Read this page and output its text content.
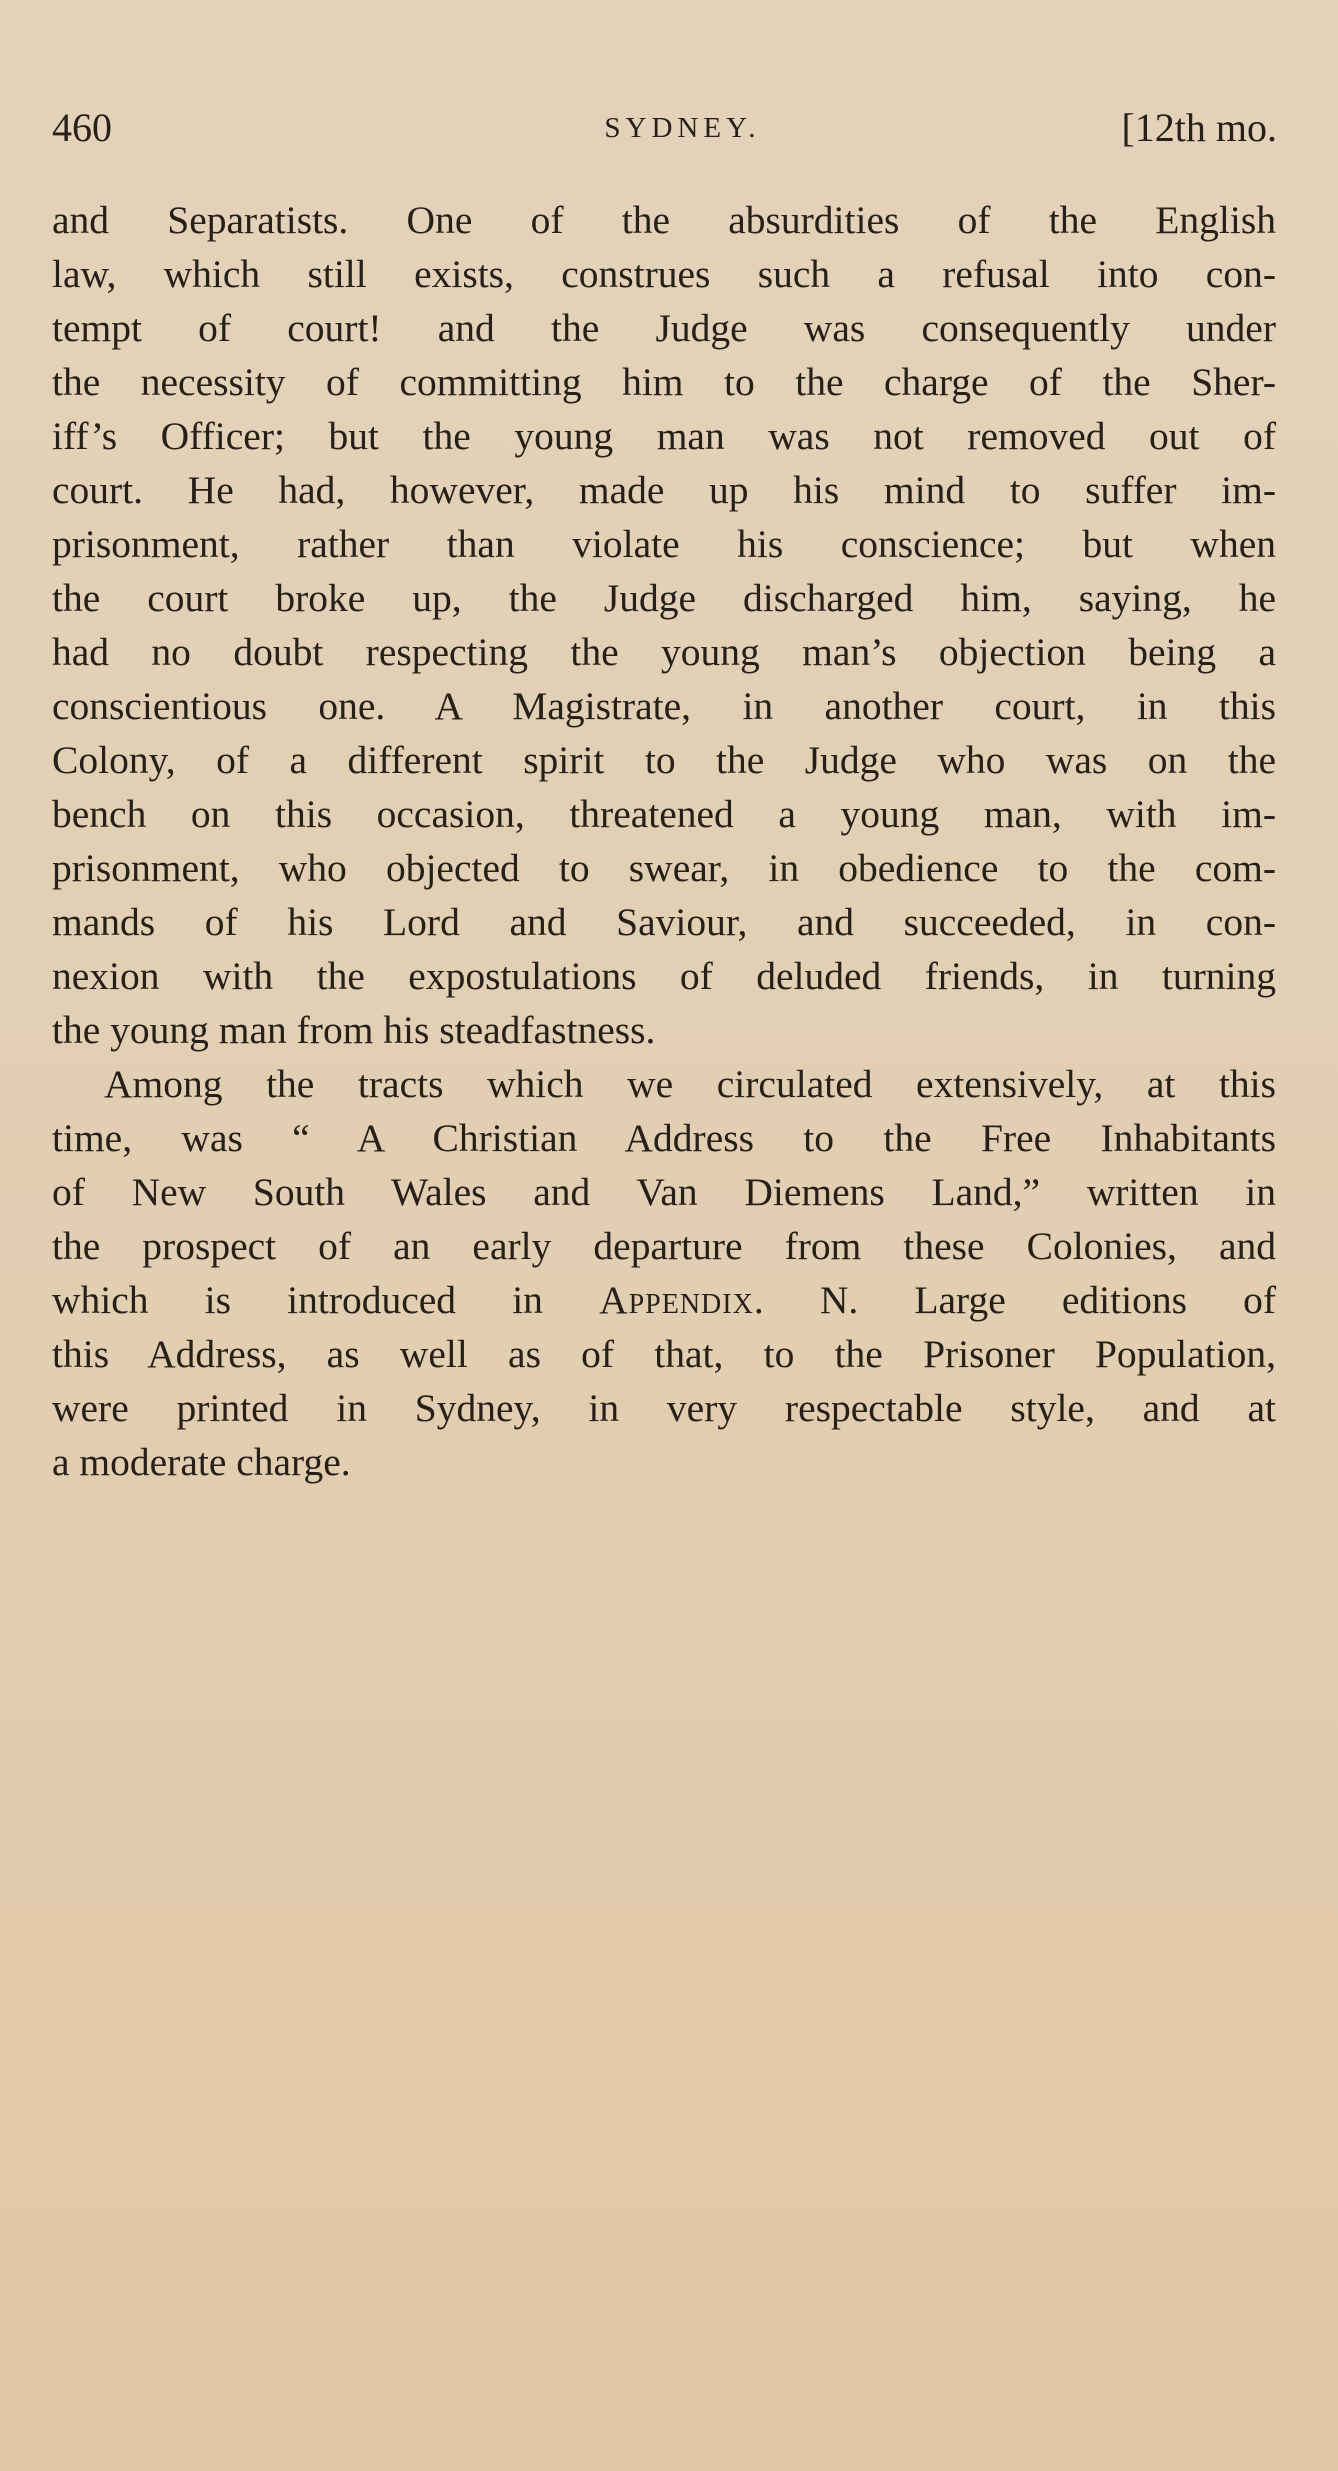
460	SYDNEY.	[12th mo.
and Separatists. One of the absurdities of the English
law, which still exists, construes such a refusal into con-
tempt of court! and the Judge was consequently under
the necessity of committing him to the charge of the Sher-
iff’s Officer; but the young man was not removed out of
court. He had, however, made up his mind to suffer im-
prisonment, rather than violate his conscience; but when
the court broke up, the Judge discharged him, saying, he
had no doubt respecting the young man’s objection being a
conscientious one. A Magistrate, in another court, in this
Colony, of a different spirit to the Judge who was on the
bench on this occasion, threatened a young man, with im-
prisonment, who objected to swear, in obedience to the com-
mands of his Lord and Saviour, and succeeded, in con-
nexion with the expostulations of deluded friends, in turning
the young man from his steadfastness.
Among the tracts which we circulated extensively, at this
time, was “ A Christian Address to the Free Inhabitants
of New South Wales and Van Diemens Land,” written in
the prospect of an early departure from these Colonies, and
which is introduced in Appendix. N. Large editions of
this Address, as well as of that, to the Prisoner Population,
were printed in Sydney, in very respectable style, and at
a moderate charge.
